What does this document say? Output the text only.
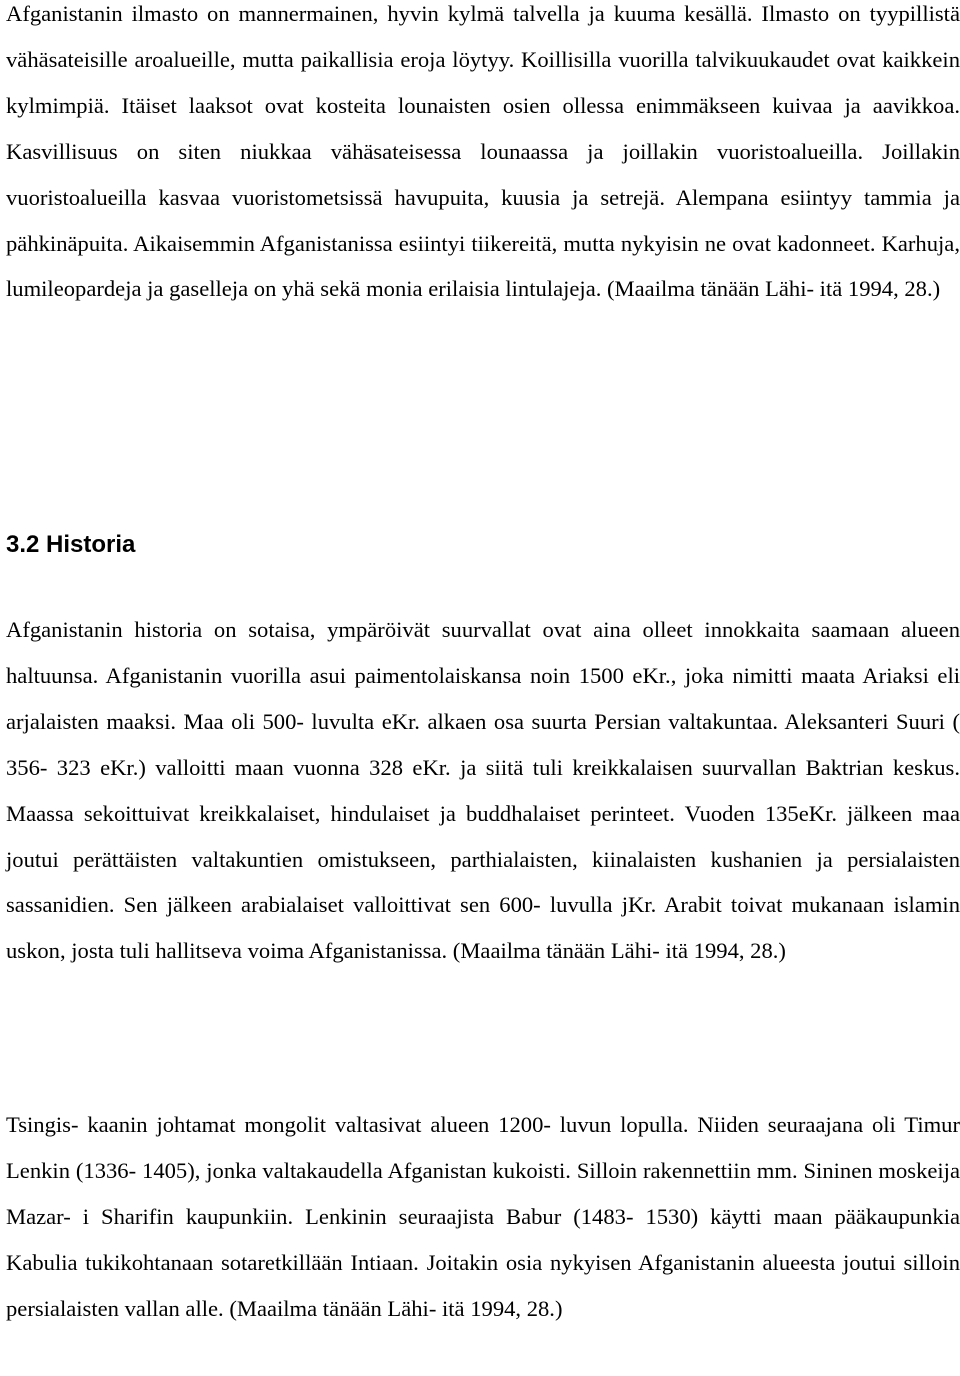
Afganistanin ilmasto on mannermainen, hyvin kylmä talvella ja kuuma kesällä. Ilmasto on tyypillistä vähäsateisille aroalueille, mutta paikallisia eroja löytyy. Koillisilla vuorilla talvikuukaudet ovat kaikkein kylmimpiä. Itäiset laaksot ovat kosteita lounaisten osien ollessa enimmäkseen kuivaa ja aavikkoa. Kasvillisuus on siten niukkaa vähäsateisessa lounaassa ja joillakin vuoristoalueilla. Joillakin vuoristoalueilla kasvaa vuoristometsissä havupuita, kuusia ja setrejä. Alempana esiintyy tammia ja pähkinäpuita. Aikaisemmin Afganistanissa esiintyi tiikereitä, mutta nykyisin ne ovat kadonneet. Karhuja, lumileopardeja ja gaselleja on yhä sekä monia erilaisia lintulajeja. (Maailma tänään Lähi- itä 1994, 28.)

3.2 Historia

Afganistanin historia on sotaisa, ympäröivät suurvallat ovat aina olleet innokkaita saamaan alueen haltuunsa. Afganistanin vuorilla asui paimentolaiskansa noin 1500 eKr., joka nimitti maata Ariaksi eli arjalaisten maaksi. Maa oli 500- luvulta eKr. alkaen osa suurta Persian valtakuntaa. Aleksanteri Suuri ( 356- 323 eKr.) valloitti maan vuonna 328 eKr. ja siitä tuli kreikkalaisen suurvallan Baktrian keskus. Maassa sekoittuivat kreikkalaiset, hindulaiset ja buddhalaiset perinteet. Vuoden 135eKr. jälkeen maa joutui perättäisten valtakuntien omistukseen, parthialaisten, kiinalaisten kushanien ja persialaisten sassanidien. Sen jälkeen arabialaiset valloittivat sen 600- luvulla jKr. Arabit toivat mukanaan islamin uskon, josta tuli hallitseva voima Afganistanissa. (Maailma tänään Lähi- itä 1994, 28.)

Tsingis- kaanin johtamat mongolit valtasivat alueen 1200- luvun lopulla. Niiden seuraajana oli Timur Lenkin (1336- 1405), jonka valtakaudella Afganistan kukoisti. Silloin rakennettiin mm. Sininen moskeija Mazar- i Sharifin kaupunkiin. Lenkinin seuraajista Babur (1483- 1530) käytti maan pääkaupunkia Kabulia tukikohtanaan sotaretkillään Intiaan. Joitakin osia nykyisen Afganistanin alueesta joutui silloin persialaisten vallan alle. (Maailma tänään Lähi- itä 1994, 28.)
